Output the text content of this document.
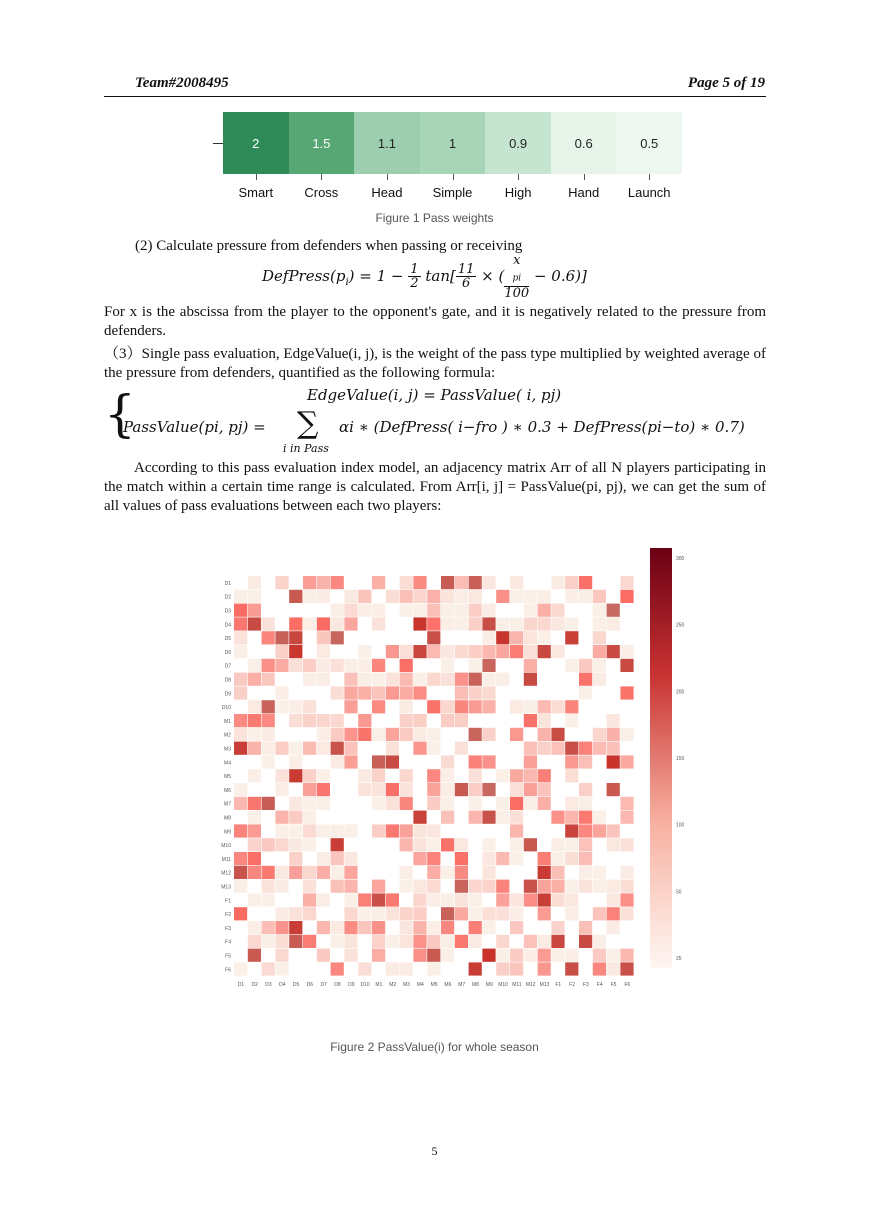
Team#2008495	Page 5 of 19
2	1.5	1.1	1	0.9	0.6	0.5
Smart	Cross	Head	Simple	High	Hand	Launch
Figure 1 Pass weights
(2) Calculate pressure from defenders when passing or receiving
$DefPress(p_i) = 1 - \frac{1}{2} \tan[ \frac{11}{6}$ × ( x
$_{pi}$
100 − 0.6)]
For x is the abscissa from the player to the opponent's gate, and it is negatively related to the pressure from defenders.
（3）Single pass evaluation, EdgeValue(i, j), is the weight of the pass type multiplied by weighted average of the pressure from defenders, quantified as the following formula:
{	EdgeValue(i, j) = PassValue( i, pj)
PassValue(pi, pj) = ∑
i in Pass
αi ∗ (DefPress( i−fro ) ∗ 0.3 + DefPress(pi−to) ∗ 0.7)
According to this pass evaluation index model, an adjacency matrix Arr of all N players participating in the match within a certain time range is calculated. From Arr[i, j] = PassValue(pi, pj), we can get the sum of all values of pass evaluations between each two players:
D1
D1
D2
D2
D3
D3
D4
D4
D5
D5
D6
D6
D7
D7
D8
D8
D9
D9
D10
D10
M1
M1
M2
M2
M3
M3
M4
M4
M5
M5
M6
M6
M7
M7
M8
M8
M9
M9
M10
M10
M11
M11
M12
M12
M13
M13
F1
F1
F2
F2
F3
F3
F4
F4
F5
F5
F6
F6
300
250
200
150
100
50
25
Figure 2 PassValue(i) for whole season
5
